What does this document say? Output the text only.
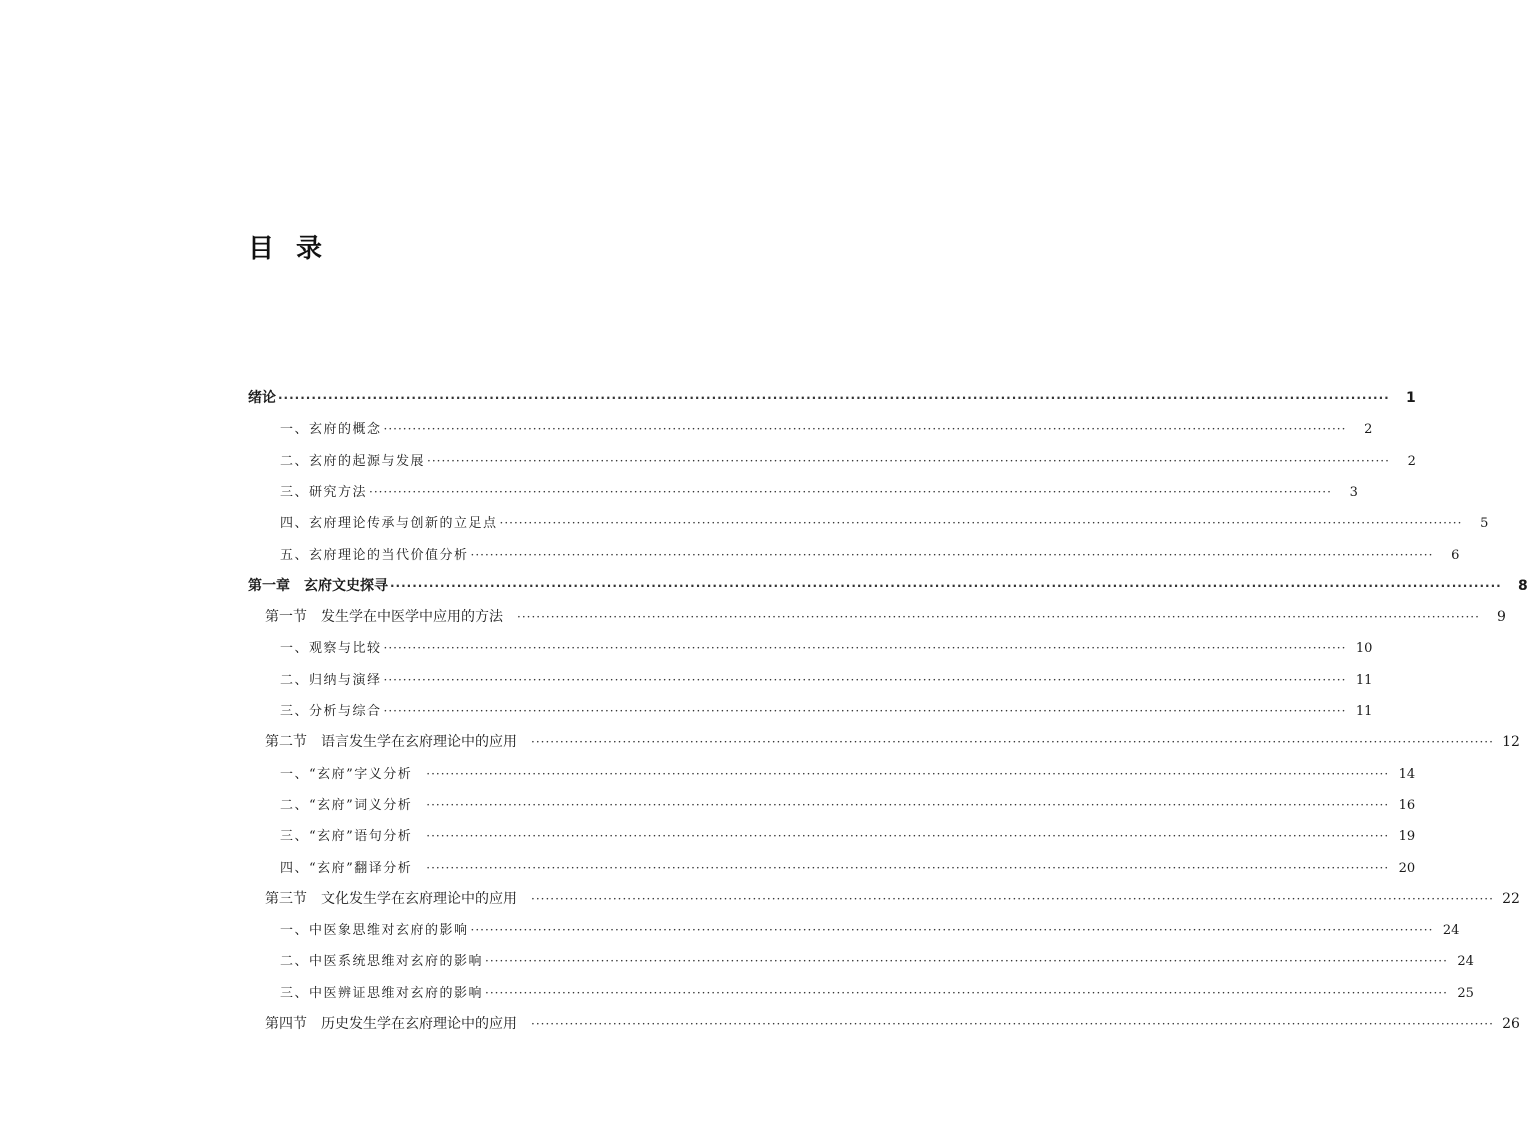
目录
绪论 ········································································································································································································	1
一、玄府的概念 ········································································································································································································	2
二、玄府的起源与发展 ········································································································································································································	2
三、研究方法 ········································································································································································································	3
四、玄府理论传承与创新的立足点 ········································································································································································································	5
五、玄府理论的当代价值分析 ········································································································································································································	6
第一章　玄府文史探寻 ········································································································································································································	8
第一节　发生学在中医学中应用的方法 ········································································································································································································	9
一、观察与比较 ········································································································································································································ 10
二、归纳与演绎 ········································································································································································································ 11
三、分析与综合 ········································································································································································································ 11
第二节　语言发生学在玄府理论中的应用 ········································································································································································································ 12
一、“玄府”字义分析 ········································································································································································································ 14
二、“玄府”词义分析 ········································································································································································································ 16
三、“玄府”语句分析 ········································································································································································································ 19
四、“玄府”翻译分析 ········································································································································································································ 20
第三节　文化发生学在玄府理论中的应用 ········································································································································································································ 22
一、中医象思维对玄府的影响 ········································································································································································································ 24
二、中医系统思维对玄府的影响 ········································································································································································································ 24
三、中医辨证思维对玄府的影响 ········································································································································································································ 25
第四节　历史发生学在玄府理论中的应用 ········································································································································································································ 26
